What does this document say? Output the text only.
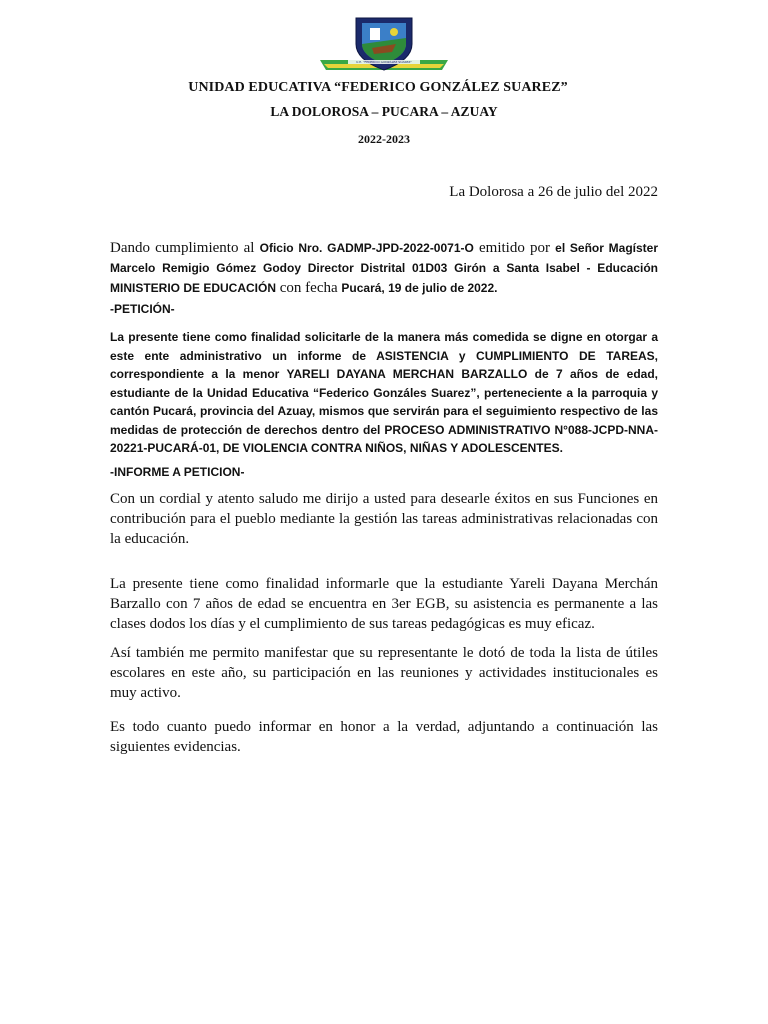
U.E. "FEDERICO GONZÁLEZ SUAREZ"
UNIDAD EDUCATIVA “FEDERICO GONZÁLEZ SUAREZ”
LA DOLOROSA – PUCARA – AZUAY
2022-2023
La Dolorosa a 26 de julio del 2022
Dando cumplimiento al Oficio Nro. GADMP-JPD-2022-0071-O emitido por el Señor Magíster Marcelo Remigio Gómez Godoy Director Distrital 01D03 Girón a Santa Isabel - Educación MINISTERIO DE EDUCACIÓN con fecha Pucará, 19 de julio de 2022.
-PETICIÓN-
La presente tiene como finalidad solicitarle de la manera más comedida se digne en otorgar a este ente administrativo un informe de ASISTENCIA y CUMPLIMIENTO DE TAREAS, correspondiente a la menor YARELI DAYANA MERCHAN BARZALLO de 7 años de edad, estudiante de la Unidad Educativa “Federico Gonzáles Suarez”, perteneciente a la parroquia y cantón Pucará, provincia del Azuay, mismos que servirán para el seguimiento respectivo de las medidas de protección de derechos dentro del PROCESO ADMINISTRATIVO N°088-JCPD-NNA-20221-PUCARÁ-01, DE VIOLENCIA CONTRA NIÑOS, NIÑAS Y ADOLESCENTES.
-INFORME A PETICION-
Con un cordial y atento saludo me dirijo a usted para desearle éxitos en sus Funciones en contribución para el pueblo mediante la gestión las tareas administrativas relacionadas con la educación.
La presente tiene como finalidad informarle que la estudiante Yareli Dayana Merchán Barzallo con 7 años de edad se encuentra en 3er EGB, su asistencia es permanente a las clases dodos los días y el cumplimiento de sus tareas pedagógicas es muy eficaz.
Así también me permito manifestar que su representante le dotó de toda la lista de útiles escolares en este año, su participación en las reuniones y actividades institucionales es muy activo.
Es todo cuanto puedo informar en honor a la verdad, adjuntando a continuación las siguientes evidencias.
